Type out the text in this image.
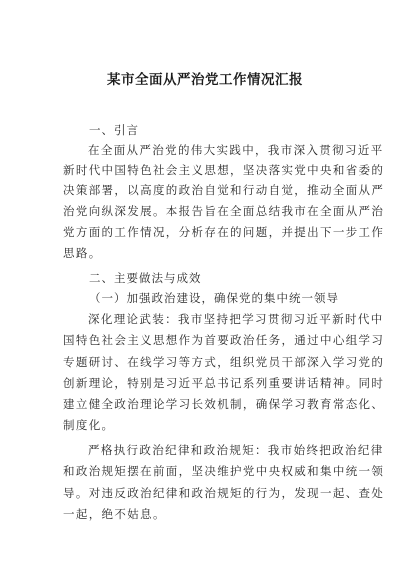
某市全面从严治党工作情况汇报
一、引言
在全面从严治党的伟大实践中，我市深入贯彻习近平
新时代中国特色社会主义思想，坚决落实党中央和省委的
决策部署，以高度的政治自觉和行动自觉，推动全面从严
治党向纵深发展。本报告旨在全面总结我市在全面从严治
党方面的工作情况，分析存在的问题，并提出下一步工作
思路。
二、主要做法与成效
（一）加强政治建设，确保党的集中统一领导
深化理论武装：我市坚持把学习贯彻习近平新时代中
国特色社会主义思想作为首要政治任务，通过中心组学习
专题研讨、在线学习等方式，组织党员干部深入学习党的
创新理论，特别是习近平总书记系列重要讲话精神。同时
建立健全政治理论学习长效机制，确保学习教育常态化、
制度化。
严格执行政治纪律和政治规矩：我市始终把政治纪律
和政治规矩摆在前面，坚决维护党中央权威和集中统一领
导。对违反政治纪律和政治规矩的行为，发现一起、查处
一起，绝不姑息。
